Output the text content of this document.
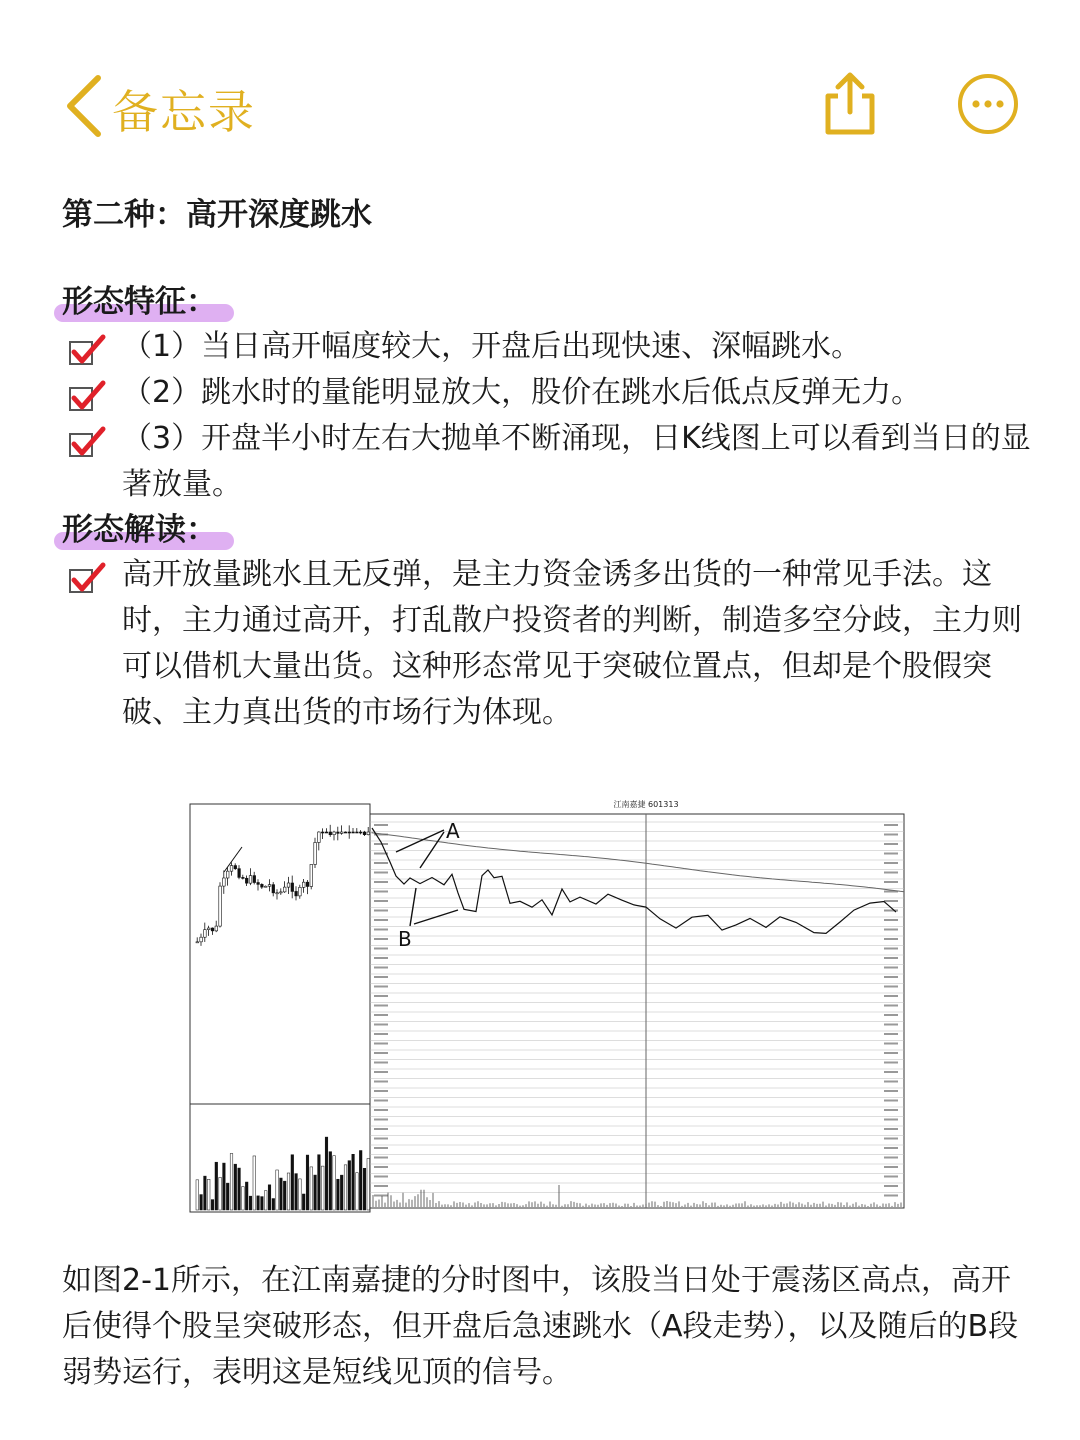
备忘录
第二种：高开深度跳水
形态特征：
（1）当日高开幅度较大，开盘后出现快速、深幅跳水。
（2）跳水时的量能明显放大，股价在跳水后低点反弹无力。
（3）开盘半小时左右大抛单不断涌现，日K线图上可以看到当日的显著放量。
形态解读：
高开放量跳水且无反弹，是主力资金诱多出货的一种常见手法。这时，主力通过高开，打乱散户投资者的判断，制造多空分歧，主力则可以借机大量出货。这种形态常见于突破位置点，但却是个股假突破、主力真出货的市场行为体现。
江南嘉捷 601313
A
B
如图2-1所示，在江南嘉捷的分时图中，该股当日处于震荡区高点，高开后使得个股呈突破形态，但开盘后急速跳水（A段走势），以及随后的B段弱势运行，表明这是短线见顶的信号。
